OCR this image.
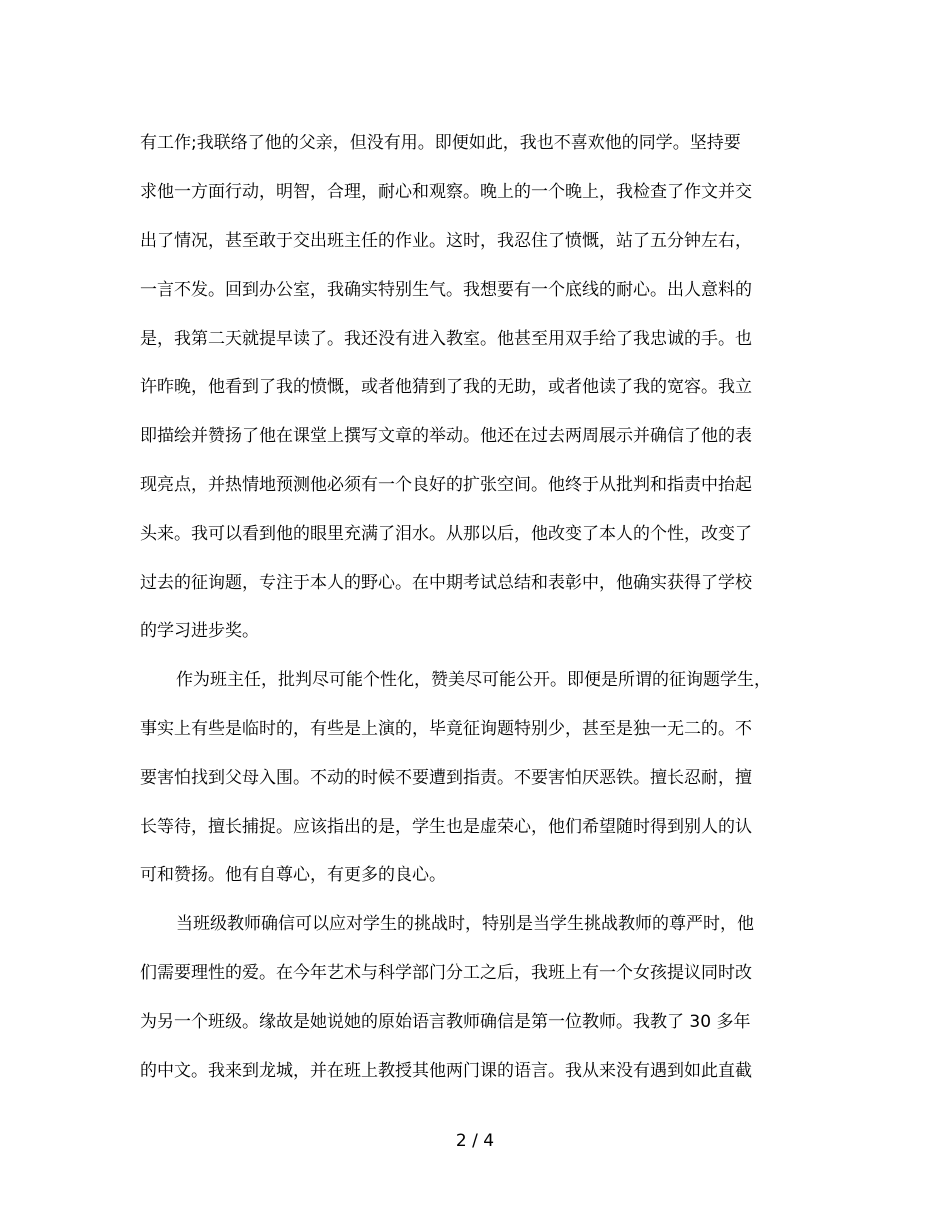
有工作;我联络了他的父亲，但没有用。即便如此，我也不喜欢他的同学。坚持要
求他一方面行动，明智，合理，耐心和观察。晚上的一个晚上，我检查了作文并交
出了情况，甚至敢于交出班主任的作业。这时，我忍住了愤慨，站了五分钟左右，
一言不发。回到办公室，我确实特别生气。我想要有一个底线的耐心。出人意料的
是，我第二天就提早读了。我还没有进入教室。他甚至用双手给了我忠诚的手。也
许昨晚，他看到了我的愤慨，或者他猜到了我的无助，或者他读了我的宽容。我立
即描绘并赞扬了他在课堂上撰写文章的举动。他还在过去两周展示并确信了他的表
现亮点，并热情地预测他必须有一个良好的扩张空间。他终于从批判和指责中抬起
头来。我可以看到他的眼里充满了泪水。从那以后，他改变了本人的个性，改变了
过去的征询题，专注于本人的野心。在中期考试总结和表彰中，他确实获得了学校
的学习进步奖。
作为班主任，批判尽可能个性化，赞美尽可能公开。即便是所谓的征询题学生，
事实上有些是临时的，有些是上演的，毕竟征询题特别少，甚至是独一无二的。不
要害怕找到父母入围。不动的时候不要遭到指责。不要害怕厌恶铁。擅长忍耐，擅
长等待，擅长捕捉。应该指出的是，学生也是虚荣心，他们希望随时得到别人的认
可和赞扬。他有自尊心，有更多的良心。
当班级教师确信可以应对学生的挑战时，特别是当学生挑战教师的尊严时，他
们需要理性的爱。在今年艺术与科学部门分工之后，我班上有一个女孩提议同时改
为另一个班级。缘故是她说她的原始语言教师确信是第一位教师。我教了 30 多年
的中文。我来到龙城，并在班上教授其他两门课的语言。我从来没有遇到如此直截
2 / 4
